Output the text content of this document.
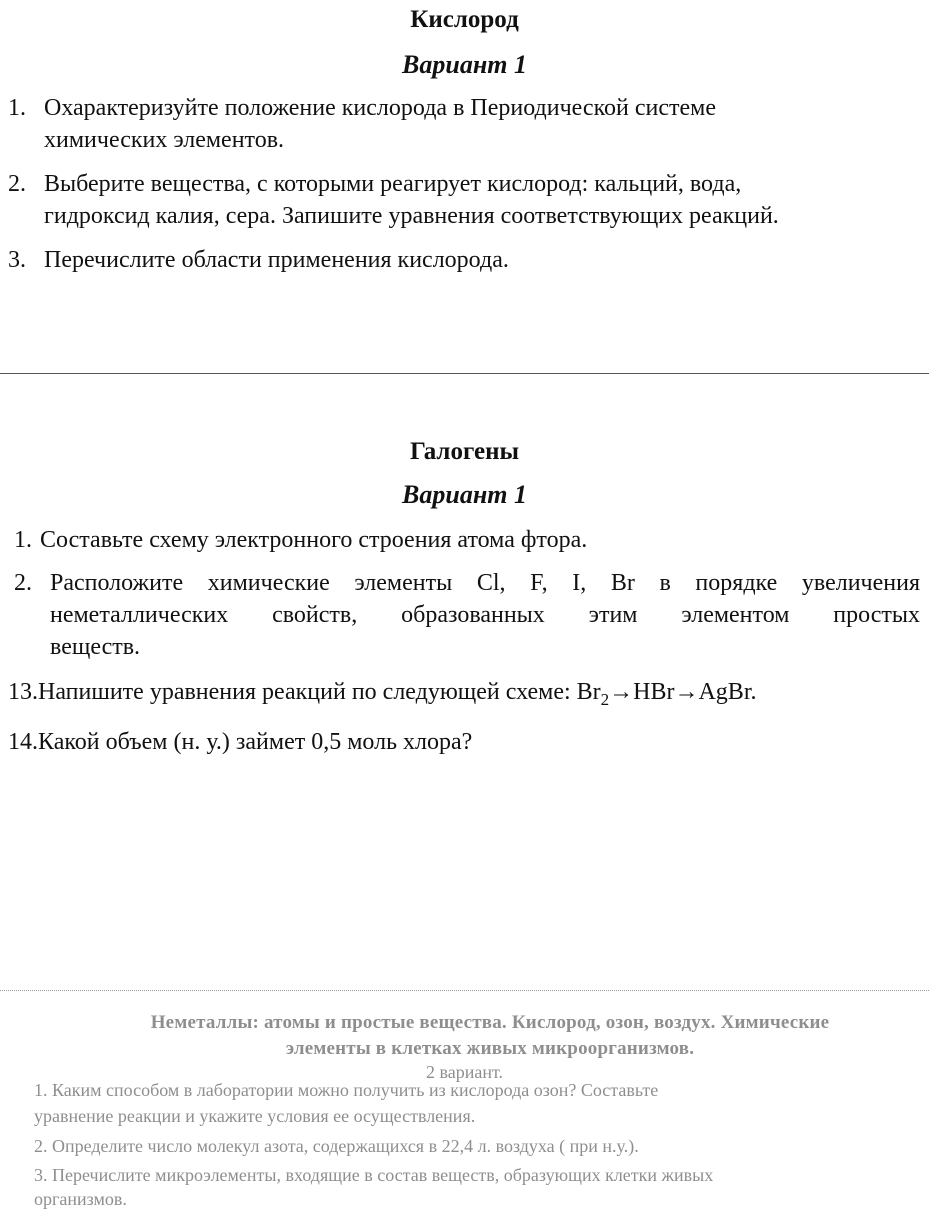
Кислород
Вариант 1
1. Охарактеризуйте положение кислорода в Периодической системе
химических элементов.
2. Выберите вещества, с которыми реагирует кислород: кальций, вода,
гидроксид калия, сера. Запишите уравнения соответствующих реакций.
3. Перечислите области применения кислорода.
Галогены
Вариант 1
1. Составьте схему электронного строения атома фтора.
2. Расположите химические элементы Cl, F, I, Br в порядке увеличения
неметаллических свойств, образованных этим элементом простых
веществ.
13.Напишите уравнения реакций по следующей схеме: $Br_2\to HBr\to AgBr$.
14.Какой объем (н. у.) займет 0,5 моль хлора?
Неметаллы: атомы и простые вещества. Кислород, озон, воздух. Химические
элементы в клетках живых микроорганизмов.
2 вариант.
1. Каким способом в лаборатории можно получить из кислорода озон? Составьте
уравнение реакции и укажите условия ее осуществления.
2. Определите число молекул азота, содержащихся в 22,4 л. воздуха ( при н.у.).
3. Перечислите микроэлементы, входящие в состав веществ, образующих клетки живых
организмов.
